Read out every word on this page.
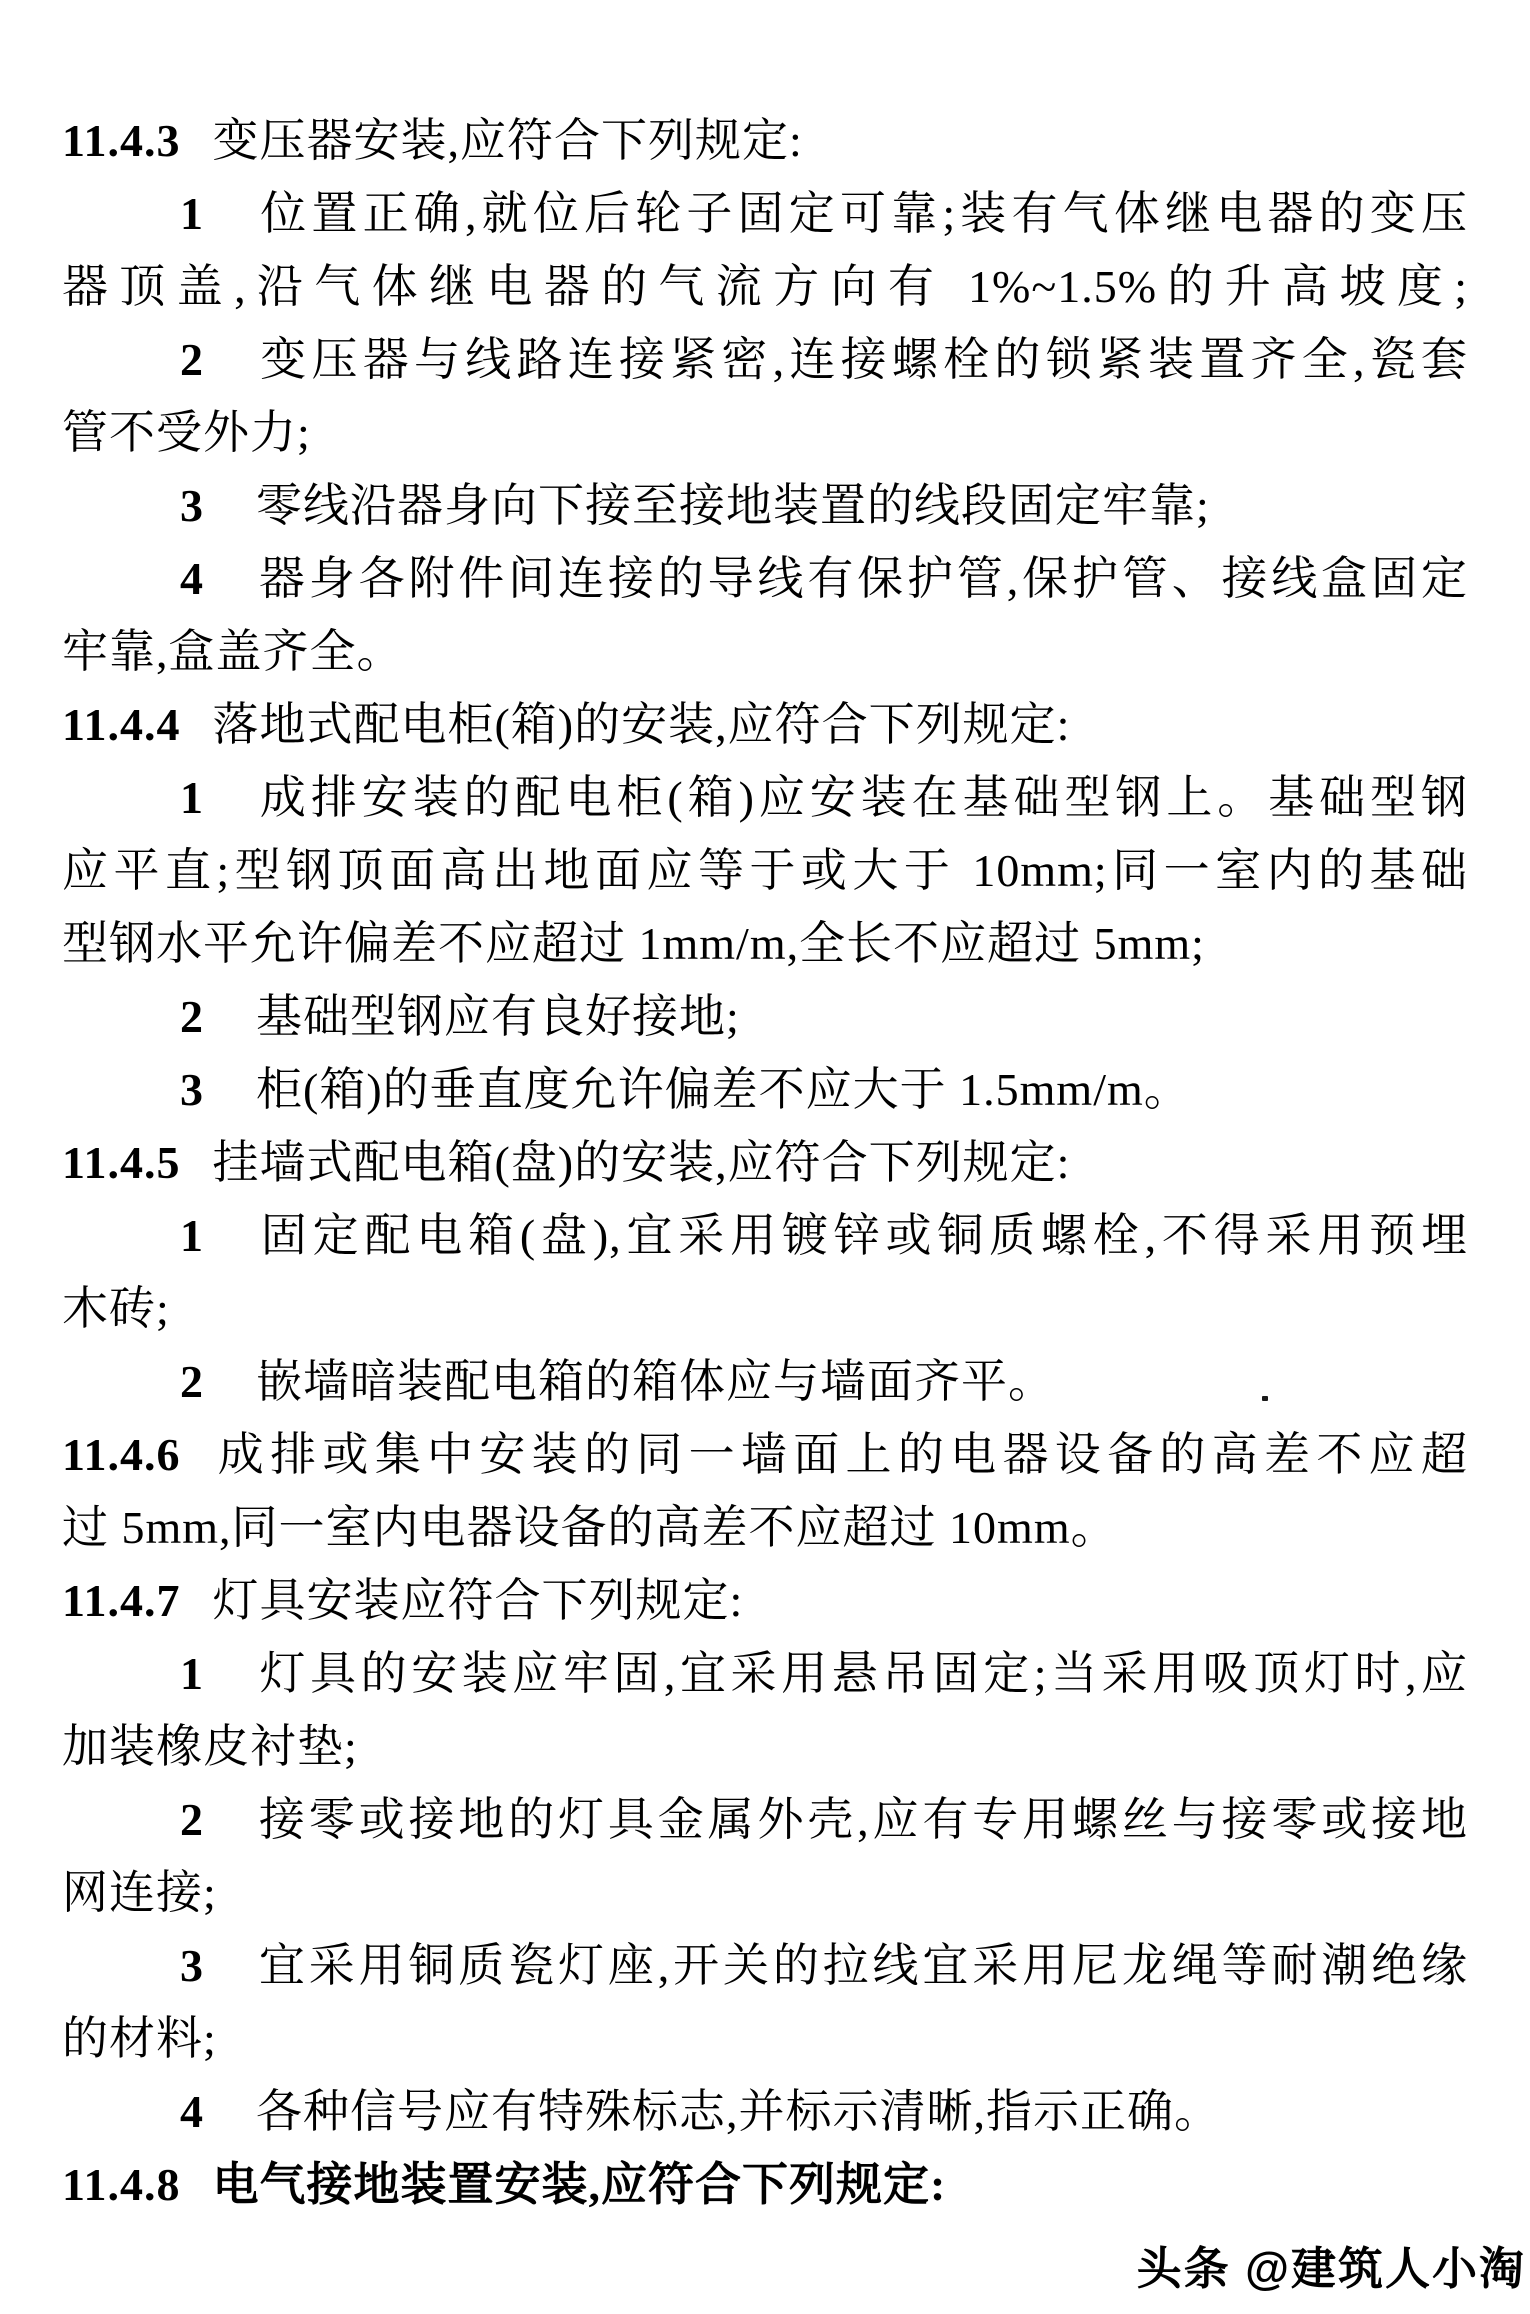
11.4.3 变压器安装,应符合下列规定:
1 位置正确,就位后轮子固定可靠;装有气体继电器的变压
器顶盖,沿气体继电器的气流方向有 1%~1.5%的升高坡度;
2 变压器与线路连接紧密,连接螺栓的锁紧装置齐全,瓷套
管不受外力;
3 零线沿器身向下接至接地装置的线段固定牢靠;
4 器身各附件间连接的导线有保护管,保护管、接线盒固定
牢靠,盒盖齐全。
11.4.4 落地式配电柜(箱)的安装,应符合下列规定:
1 成排安装的配电柜(箱)应安装在基础型钢上。基础型钢
应平直;型钢顶面高出地面应等于或大于 10mm;同一室内的基础
型钢水平允许偏差不应超过 1mm/m,全长不应超过 5mm;
2 基础型钢应有良好接地;
3 柜(箱)的垂直度允许偏差不应大于 1.5mm/m。
11.4.5 挂墙式配电箱(盘)的安装,应符合下列规定:
1 固定配电箱(盘),宜采用镀锌或铜质螺栓,不得采用预埋
木砖;
2 嵌墙暗装配电箱的箱体应与墙面齐平。
11.4.6 成排或集中安装的同一墙面上的电器设备的高差不应超
过 5mm,同一室内电器设备的高差不应超过 10mm。
11.4.7 灯具安装应符合下列规定:
1 灯具的安装应牢固,宜采用悬吊固定;当采用吸顶灯时,应
加装橡皮衬垫;
2 接零或接地的灯具金属外壳,应有专用螺丝与接零或接地
网连接;
3 宜采用铜质瓷灯座,开关的拉线宜采用尼龙绳等耐潮绝缘
的材料;
4 各种信号应有特殊标志,并标示清晰,指示正确。
11.4.8 电气接地装置安装,应符合下列规定:
头条 @建筑人小淘
